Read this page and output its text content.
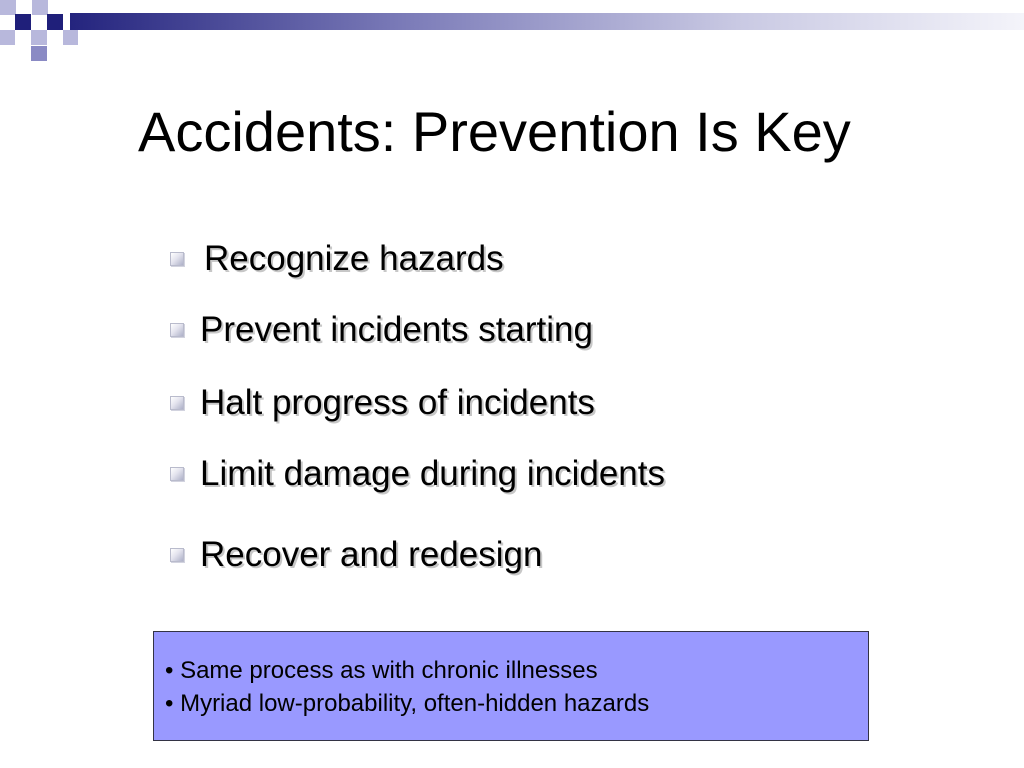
Accidents: Prevention Is Key
Recognize hazards
Prevent incidents starting
Halt progress of incidents
Limit damage during incidents
Recover and redesign
• Same process as with chronic illnesses
• Myriad low-probability, often-hidden hazards
